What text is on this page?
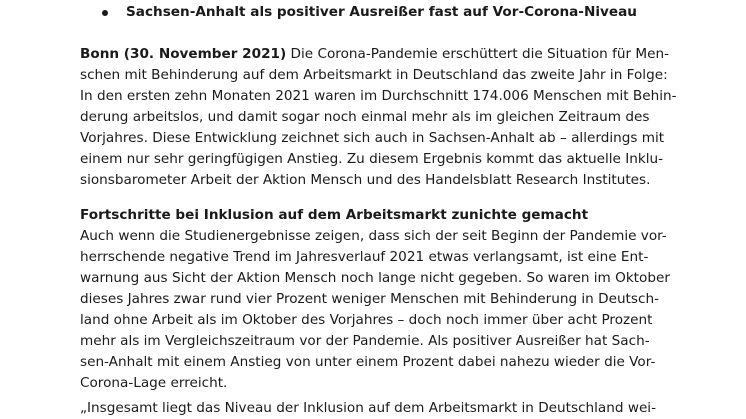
Sachsen-Anhalt als positiver Ausreißer fast auf Vor-Corona-Niveau
Bonn (30. November 2021) Die Corona-Pandemie erschüttert die Situation für Men-
schen mit Behinderung auf dem Arbeitsmarkt in Deutschland das zweite Jahr in Folge:
In den ersten zehn Monaten 2021 waren im Durchschnitt 174.006 Menschen mit Behin-
derung arbeitslos, und damit sogar noch einmal mehr als im gleichen Zeitraum des
Vorjahres. Diese Entwicklung zeichnet sich auch in Sachsen-Anhalt ab – allerdings mit
einem nur sehr geringfügigen Anstieg. Zu diesem Ergebnis kommt das aktuelle Inklu-
sionsbarometer Arbeit der Aktion Mensch und des Handelsblatt Research Institutes.
Fortschritte bei Inklusion auf dem Arbeitsmarkt zunichte gemacht
Auch wenn die Studienergebnisse zeigen, dass sich der seit Beginn der Pandemie vor-
herrschende negative Trend im Jahresverlauf 2021 etwas verlangsamt, ist eine Ent-
warnung aus Sicht der Aktion Mensch noch lange nicht gegeben. So waren im Oktober
dieses Jahres zwar rund vier Prozent weniger Menschen mit Behinderung in Deutsch-
land ohne Arbeit als im Oktober des Vorjahres – doch noch immer über acht Prozent
mehr als im Vergleichszeitraum vor der Pandemie. Als positiver Ausreißer hat Sach-
sen-Anhalt mit einem Anstieg von unter einem Prozent dabei nahezu wieder die Vor-
Corona-Lage erreicht.
„Insgesamt liegt das Niveau der Inklusion auf dem Arbeitsmarkt in Deutschland wei-
